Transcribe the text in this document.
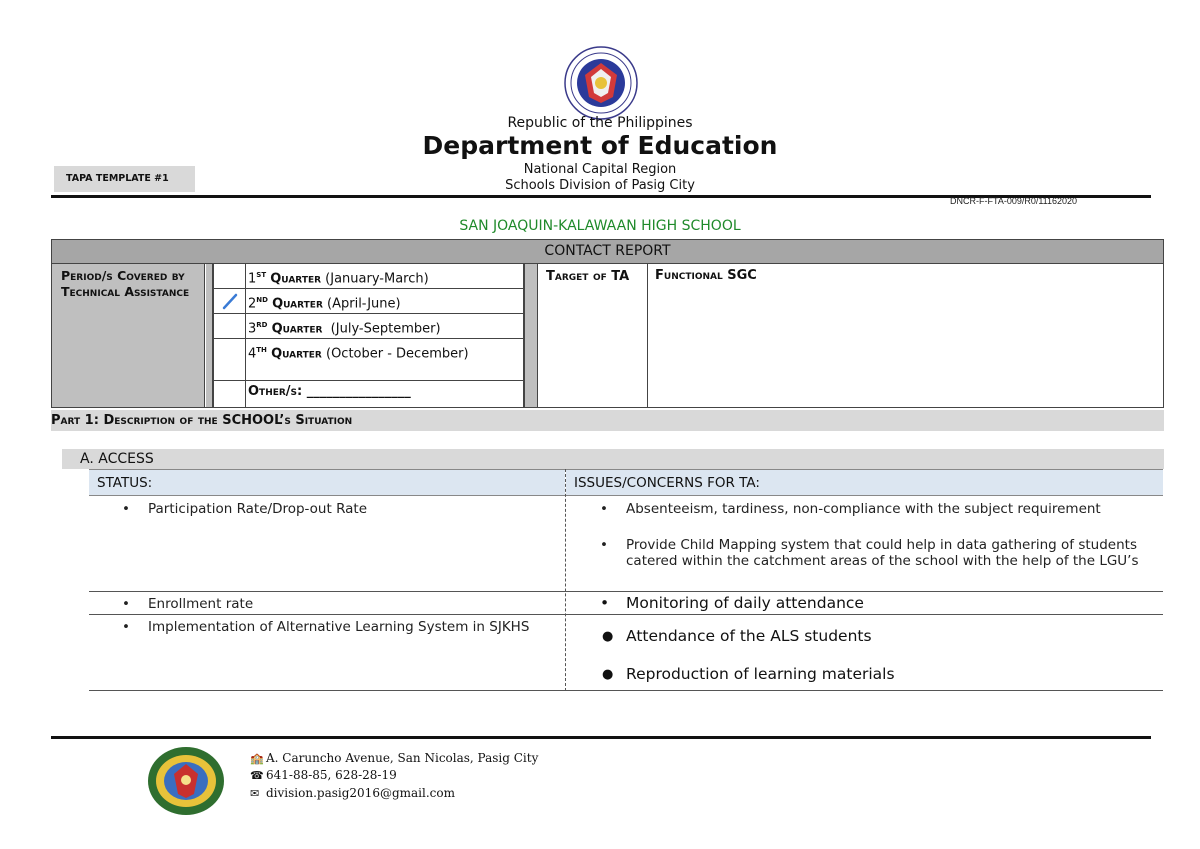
Republic of the Philippines
Department of Education
National Capital Region
Schools Division of Pasig City
TAPA TEMPLATE #1
DNCR-F-FTA-009/R0/11162020
SAN JOAQUIN-KALAWAAN HIGH SCHOOL
CONTACT REPORT
Period/s Covered by Technical Assistance
1ST Quarter (January-March)
2ND Quarter (April-June)
3RD Quarter  (July-September)
4TH Quarter (October - December)
Other/s: ________________
Target of TA	Functional SGC
Part 1: Description of the SCHOOL’s Situation
A. ACCESS
STATUS:	ISSUES/CONCERNS FOR TA:
• Participation Rate/Drop-out Rate	• Absenteeism, tardiness, non-compliance with the subject requirement
• Provide Child Mapping system that could help in data gathering of students catered within the catchment areas of the school with the help of the LGU’s
• Enrollment rate	• Monitoring of daily attendance
• Implementation of Alternative Learning System in SJKHS	● Attendance of the ALS students
● Reproduction of learning materials
🏫 A. Caruncho Avenue, San Nicolas, Pasig City
☎ 641-88-85, 628-28-19
✉ division.pasig2016@gmail.com
